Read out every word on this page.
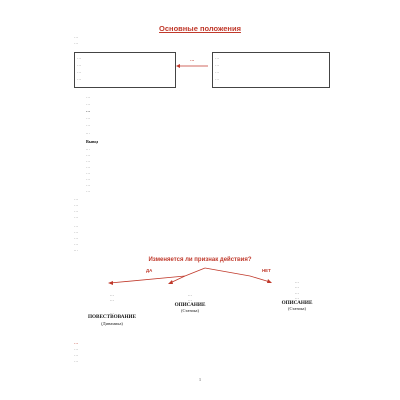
Основные положения
…
…
…
…
…
…
…	…
…
…
…
…
…
…
…
…
…
Вывод
…
…
…
…
…
…
…
…
…
…
…
…
…
…
…
…
…
Изменяется ли признак действия?
ДА	НЕТ
…
…
…
ПОВЕСТВОВАНИЕ
(Динамика)
…
…
ОПИСАНИЕ
(Статика)
…
…
…
…
ОПИСАНИЕ
(Статика)
…
…
…
…
1
